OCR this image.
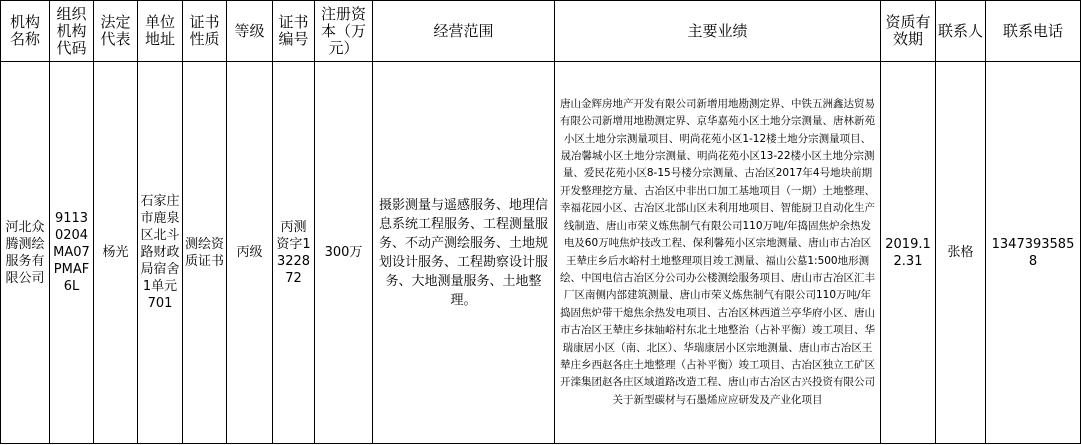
机构名称	组织机构代码	法定代表	单位地址	证书性质	等级	证书编号	注册资本（万元）	经营范围	主要业绩	资质有效期	联系人	联系电话
河北众腾测绘服务有限公司	91130204MA07PMAF6L	杨光	石家庄市鹿泉区北斗路财政局宿舍1单元701	测绘资质证书	丙级	丙测资字1322872	300万	摄影测量与遥感服务、地理信息系统工程服务、工程测量服务、不动产测绘服务、土地规划设计服务、工程勘察设计服务、大地测量服务、土地整理。	唐山金辉房地产开发有限公司新增用地勘测定界、中铁五洲鑫达贸易有限公司新增用地勘测定界、京华嘉苑小区土地分宗测量、唐林新苑小区土地分宗测量项目、明尚花苑小区1-12楼土地分宗测量项目、晟冶馨城小区土地分宗测量、明尚花苑小区13-22楼小区土地分宗测量、爱民花苑小区8-15号楼分宗测量、古冶区2017年4号地块前期开发整理挖方量、古冶区中非出口加工基地项目（一期）土地整理、幸福花园小区、古冶区北部山区未利用地项目、智能厨卫自动化生产线制造、唐山市荣义炼焦制气有限公司110万吨/年捣固焦炉余热发电及60万吨焦炉技改工程、保利馨苑小区宗地测量、唐山市古冶区王辇庄乡后水峪村土地整理项目竣工测量、福山公墓1:500地形测绘、中国电信古冶区分公司办公楼测绘服务项目、唐山市古冶区汇丰厂区南侧内部建筑测量、唐山市荣义炼焦制气有限公司110万吨/年捣固焦炉带干熄焦余热发电项目、古冶区林西道兰亭华府小区、唐山市古冶区王辇庄乡抹轴峪村东北土地整治（占补平衡）竣工项目、华瑞康居小区（南、北区）、华瑞康居小区宗地测量、唐山市古冶区王辇庄乡西赵各庄土地整理（占补平衡）竣工项目、古冶区独立工矿区开滦集团赵各庄区域道路改造工程、唐山市古冶区古兴投资有限公司关于新型碳材与石墨烯应应研发及产业化项目	2019.12.31	张格	13473935858
